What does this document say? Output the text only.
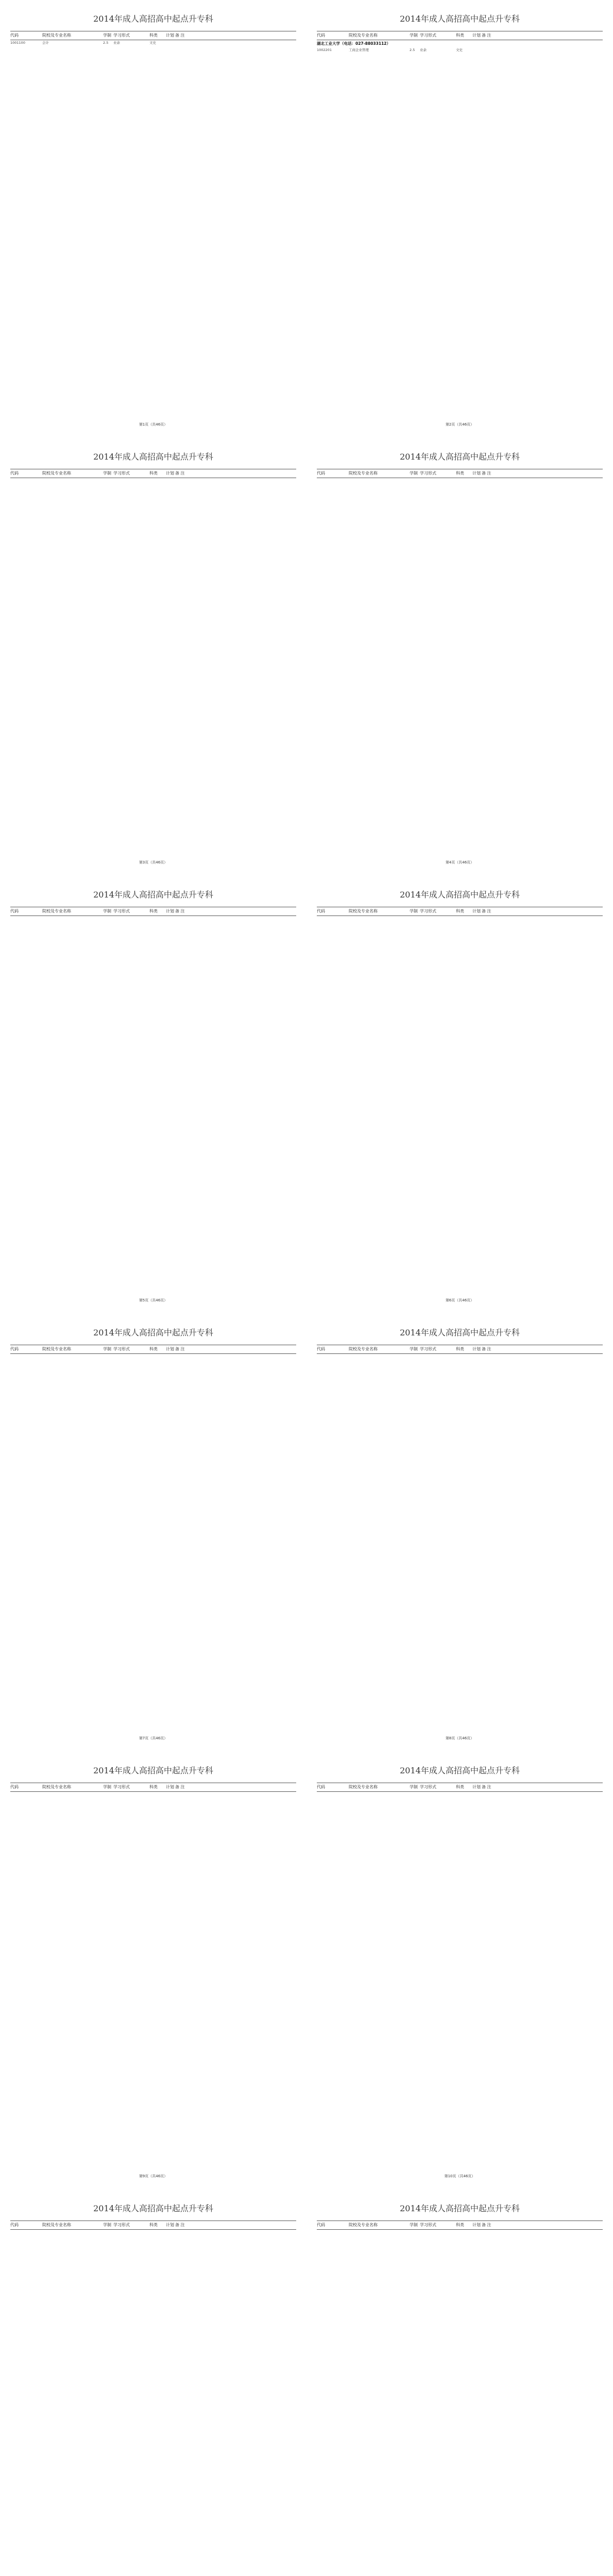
2014年成人高招高中起点升专科
代码	院校及专业名称	学制 学习形式	科类	计划 备 注
1001100	会计	2.5	业余	文史
第1页（共46页）
2014年成人高招高中起点升专科
代码	院校及专业名称	学制 学习形式	科类	计划 备 注
湖北工业大学（电话：027-88033112）
1002201	工商企业管理	2.5	业余	文史
第2页（共46页）
2014年成人高招高中起点升专科
代码	院校及专业名称	学制 学习形式	科类	计划 备 注
第3页（共46页）
2014年成人高招高中起点升专科
代码	院校及专业名称	学制 学习形式	科类	计划 备 注
第4页（共46页）
2014年成人高招高中起点升专科
代码	院校及专业名称	学制 学习形式	科类	计划 备 注
第5页（共46页）
2014年成人高招高中起点升专科
代码	院校及专业名称	学制 学习形式	科类	计划 备 注
第6页（共46页）
2014年成人高招高中起点升专科
代码	院校及专业名称	学制 学习形式	科类	计划 备 注
第7页（共46页）
2014年成人高招高中起点升专科
代码	院校及专业名称	学制 学习形式	科类	计划 备 注
第8页（共46页）
2014年成人高招高中起点升专科
代码	院校及专业名称	学制 学习形式	科类	计划 备 注
第9页（共46页）
2014年成人高招高中起点升专科
代码	院校及专业名称	学制 学习形式	科类	计划 备 注
第10页（共46页）
2014年成人高招高中起点升专科
代码	院校及专业名称	学制 学习形式	科类	计划 备 注
2014年成人高招高中起点升专科
代码	院校及专业名称	学制 学习形式	科类	计划 备 注
